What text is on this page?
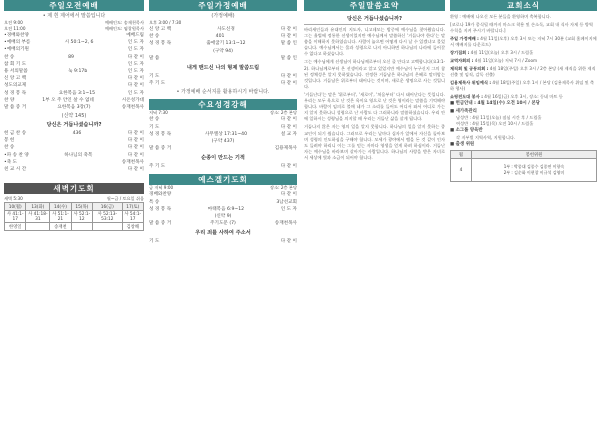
주일오전예배
• 제 흰 제어에서 말씀입니다
오전 9:00	예배인도: 송재천목사
오전 11:00	예배인도: 염창원목사
•경배와찬양	예배드림
•예배의 부름	시 50:1~2, 6	인 도 자
•예배의기원	인 도 자
찬 송	89	다 같 이
참 회 기 도	인 도 자
용 서의말씀	눅 9:17b	인 도 자
신 앙 고 백	다 같 이
성도의교제	다 같 이
성 경 봉 독	요한복음 3:1~15	인 도 자
찬 양	1부 오 주 안인 살 수 없네	시온성가대
말 씀 증 거	요한복음 3장(7)	송재천목사
(신약 145)
당신은 거듭나셨습니까?
헌 금 찬 송	436	다 같 이
봉 헌	다 같 이
찬 송	다 같 이
•파 송 찬 양	하나님의 축복	다 같 이
•축 도	송재천목사
친 교 시 간	다 같 이
새벽기도회
새벽 5:30	월~금 / 토요일 쉬움
10(월)	13(화)	14(수)	15(목)	16(금)	17(토)
사 41:1-17	사 41:18-31	사 51:1-21	사 52:1-12	사 52:13-53:12	사 54:1-17
한영일		송재천			김창해
주일가정예배
(가정예배)
오후 3:00 / 7:30
신 앙 고 백	사도신경	다 같 이
찬 송	401	다 같 이
성 경 봉 독	출애굽기 13:1~12	말 씀 인
(구약 94)
말 씀	말 씀 인
내게 맨드신 나의 형제 말씀드림
기 도	다 같 이
주 기 도	다 같 이
• 가정예배 순서지를 활용하시기 바랍니다.
수요성경강해
저녁 7:30	장소: 2층 본당
찬 송	다 같 이
기 도	다 같 이
성 경 봉 독	사무엘상 17:31~40	설 교 자
(구약 437)
말 씀 증 거	김용제목사
순종이 만드는 기적
주 기 도	다 같 이
예스겔기도회
금 저녁 9:00	장소: 2층 본당
경배와찬양	다 같 이
특 송	3남선교회
성 경 봉 독	마태복음 6:9~12	인 도 자
(신약 9)
말 씀 증 거	주기도문 (7)	송재천목사
우리 죄를 사하여 주소서
기 도	다 같 이
주일말씀요약
당신은 거듭나셨습니까?

바리새인들과 유대인의 지도자, 니고데모는 밤중에 예수님을 찾아왔습니다. 그는 율법에 정통한 선생이었지만 예수님께서 말씀하신 '거듭나야 한다'는 말씀을 이해하지 못하였습니다. 사람이 늙으면 어떻게 다시 날 수 있겠냐고 물었습니다. 예수님께서는 물과 성령으로 나지 아니하면 하나님의 나라에 들어갈 수 없다고 하셨습니다.

그는 예수님에게 선생님이 하나님께로부터 오신 줄 안다고 고백합니다(요3:1-2). 하나님께로부터 온 선생이라고 알고 있었지만 예수님이 누구신지 그의 참된 정체성은 알지 못하였습니다. 진정한 거듭남은 하나님의 은혜로 말미암는 것입니다. 거듭남은 위로부터 태어나는 것이며, 새로운 생명으로 사는 것입니다.

'거듭난다'는 말은 '위로부터', '새로이', '처음부터' 다시 태어난다는 뜻입니다. 우리는 모두 육으로 난 것은 육이요 영으로 난 것은 영이라는 말씀을 기억해야 합니다. 바람이 임의로 불매 네가 그 소리를 들어도 어디서 와서 어디로 가는지 알지 못하나니 성령으로 난 사람도 다 그러하니라 말씀하셨습니다. 우리 안에 일하시는 성령님을 의지할 때 우리는 거듭난 삶을 살게 됩니다.

거듭나지 않은 자는 영의 일을 알지 못합니다. 하나님의 일을 알지 못하는 종교인이 되기 쉽습니다. 그러므로 우리는 날마다 십자가 앞에서 자신을 돌아보며 성령의 인도하심을 구해야 합니다. 모세가 광야에서 뱀을 든 것 같이 인자도 들려야 하리니 이는 그를 믿는 자마다 영생을 얻게 하려 하심이라. 거듭난 자는 예수님을 바라보며 살아가는 사람입니다. 하나님의 사랑을 받은 자녀로서 세상에 빛과 소금이 되어야 합니다.

교회소식
환영 : 예배에 나오신 모든 분들을 환영하며 축복합니다.
[코로나 19가 종식될 때까지 마스크 착용 및 손소독, 교회 내 식사 자제 등 방역 수칙을 지켜 주시기 바랍니다.]
주일 가정예배 : 4월 11일(오후) 오후 3시 또는 저녁 7시 30분 (교회 홈페이지에서 예배지를 다운로드)
장기집회 : 4월 11일(오늘) 오후 3시 / 드림홀
교역자회의 : 4월 11일(오늘) 저녁 7시 / Zoom
제직회 및 공동의회 : 4월 18일(주일) 오후 3시 / 2층 본당 (새 제직을 위한 제직 선출 및 임직, 감독 선출)
김용제목사 위임예식 : 4월 18일(주일) 오후 1시 / 본당 (김용제목사 위임 및 축하 행사)
쇼핑전도대 봉사 : 4월 16일(금) 오후 3시, 장소: 동네 마트 등
■ 헌금안내 : 4월 14일(수) 오전 10시 / 본당
■ 새가족관리
남성반 : 4월 11일(오늘) 점심 시간 후 / 드림홀
여성반 : 4월 15일(목) 오전 10시 / 드림홀
■ 소그룹 양육반
각 지부별 지역사역, 지원합니다.
■ 출생 위원
월	봉헌위원
4	1부 : 박종대 김종수 김종연 이향숙
2부 : 김순화 이현창 이규석 김영미
